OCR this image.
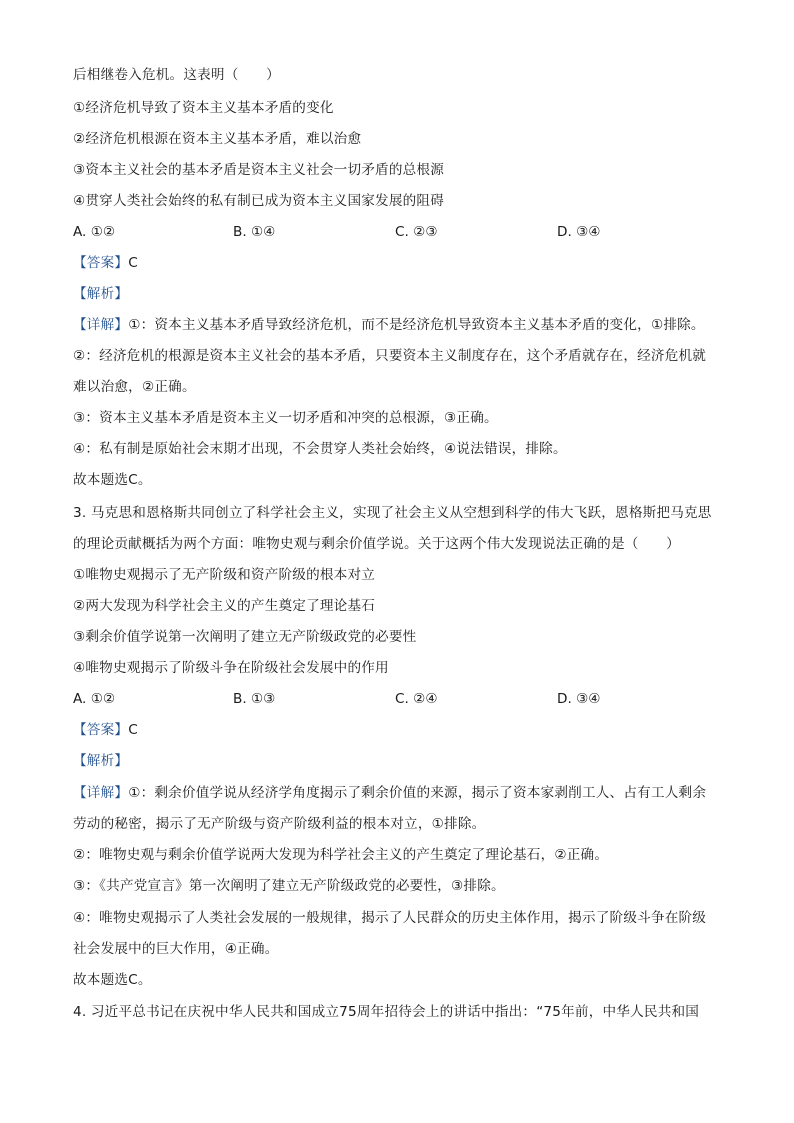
后相继卷入危机。这表明（　　）
①经济危机导致了资本主义基本矛盾的变化
②经济危机根源在资本主义基本矛盾，难以治愈
③资本主义社会的基本矛盾是资本主义社会一切矛盾的总根源
④贯穿人类社会始终的私有制已成为资本主义国家发展的阻碍
A. ①②	B. ①④	C. ②③	D. ③④
【答案】C
【解析】
【详解】①：资本主义基本矛盾导致经济危机，而不是经济危机导致资本主义基本矛盾的变化，①排除。
②：经济危机的根源是资本主义社会的基本矛盾，只要资本主义制度存在，这个矛盾就存在，经济危机就
难以治愈，②正确。
③：资本主义基本矛盾是资本主义一切矛盾和冲突的总根源，③正确。
④：私有制是原始社会末期才出现，不会贯穿人类社会始终，④说法错误，排除。
故本题选C。
3. 马克思和恩格斯共同创立了科学社会主义，实现了社会主义从空想到科学的伟大飞跃，恩格斯把马克思
的理论贡献概括为两个方面：唯物史观与剩余价值学说。关于这两个伟大发现说法正确的是（　　）
①唯物史观揭示了无产阶级和资产阶级的根本对立
②两大发现为科学社会主义的产生奠定了理论基石
③剩余价值学说第一次阐明了建立无产阶级政党的必要性
④唯物史观揭示了阶级斗争在阶级社会发展中的作用
A. ①②	B. ①③	C. ②④	D. ③④
【答案】C
【解析】
【详解】①：剩余价值学说从经济学角度揭示了剩余价值的来源，揭示了资本家剥削工人、占有工人剩余
劳动的秘密，揭示了无产阶级与资产阶级利益的根本对立，①排除。
②：唯物史观与剩余价值学说两大发现为科学社会主义的产生奠定了理论基石，②正确。
③：《共产党宣言》第一次阐明了建立无产阶级政党的必要性，③排除。
④：唯物史观揭示了人类社会发展的一般规律，揭示了人民群众的历史主体作用，揭示了阶级斗争在阶级
社会发展中的巨大作用，④正确。
故本题选C。
4. 习近平总书记在庆祝中华人民共和国成立75周年招待会上的讲话中指出：“75年前，中华人民共和国
